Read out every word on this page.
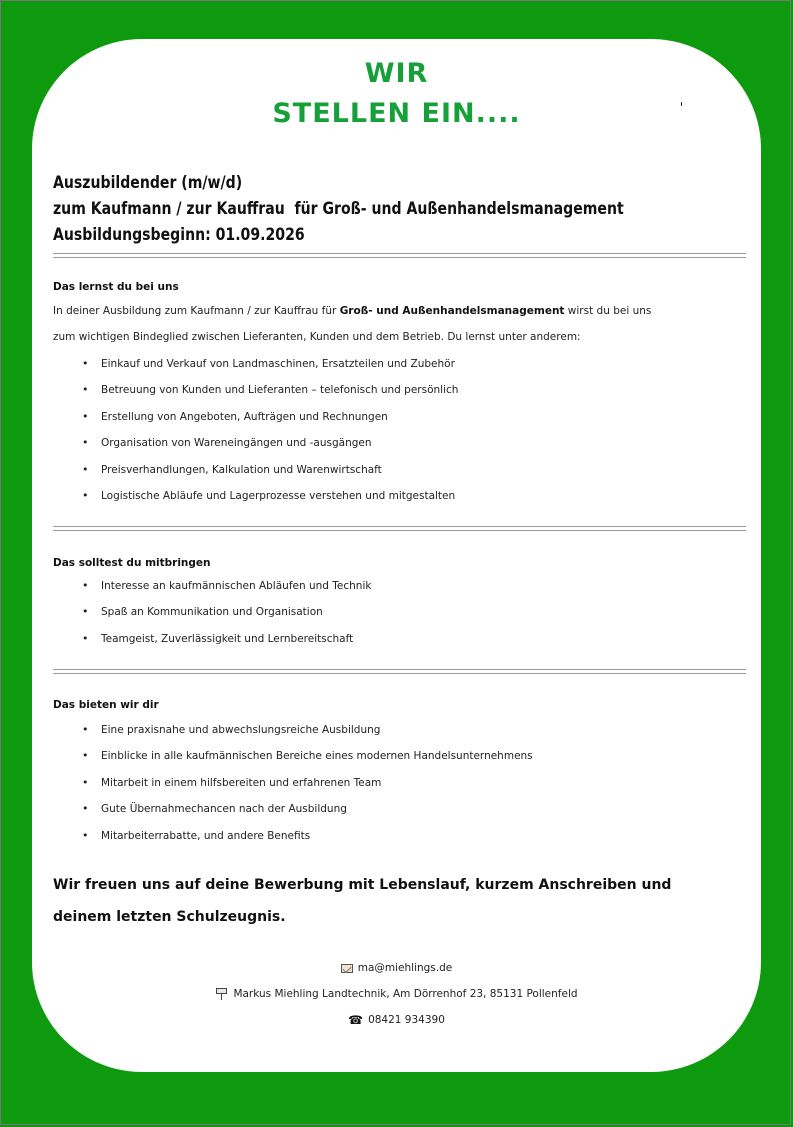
WIR
STELLEN EIN....
Auszubildender (m/w/d)
zum Kaufmann / zur Kauffrau  für Groß- und Außenhandelsmanagement
Ausbildungsbeginn: 01.09.2026
Das lernst du bei uns
In deiner Ausbildung zum Kaufmann / zur Kauffrau für Groß- und Außenhandelsmanagement wirst du bei uns
zum wichtigen Bindeglied zwischen Lieferanten, Kunden und dem Betrieb. Du lernst unter anderem:
• Einkauf und Verkauf von Landmaschinen, Ersatzteilen und Zubehör
• Betreuung von Kunden und Lieferanten – telefonisch und persönlich
• Erstellung von Angeboten, Aufträgen und Rechnungen
• Organisation von Wareneingängen und -ausgängen
• Preisverhandlungen, Kalkulation und Warenwirtschaft
• Logistische Abläufe und Lagerprozesse verstehen und mitgestalten
Das solltest du mitbringen
• Interesse an kaufmännischen Abläufen und Technik
• Spaß an Kommunikation und Organisation
• Teamgeist, Zuverlässigkeit und Lernbereitschaft
Das bieten wir dir
• Eine praxisnahe und abwechslungsreiche Ausbildung
• Einblicke in alle kaufmännischen Bereiche eines modernen Handelsunternehmens
• Mitarbeit in einem hilfsbereiten und erfahrenen Team
• Gute Übernahmechancen nach der Ausbildung
• Mitarbeiterrabatte, und andere Benefits
Wir freuen uns auf deine Bewerbung mit Lebenslauf, kurzem Anschreiben und
deinem letzten Schulzeugnis.
ma@miehlings.de
Markus Miehling Landtechnik, Am Dörrenhof 23, 85131 Pollenfeld
☎ 08421 934390
